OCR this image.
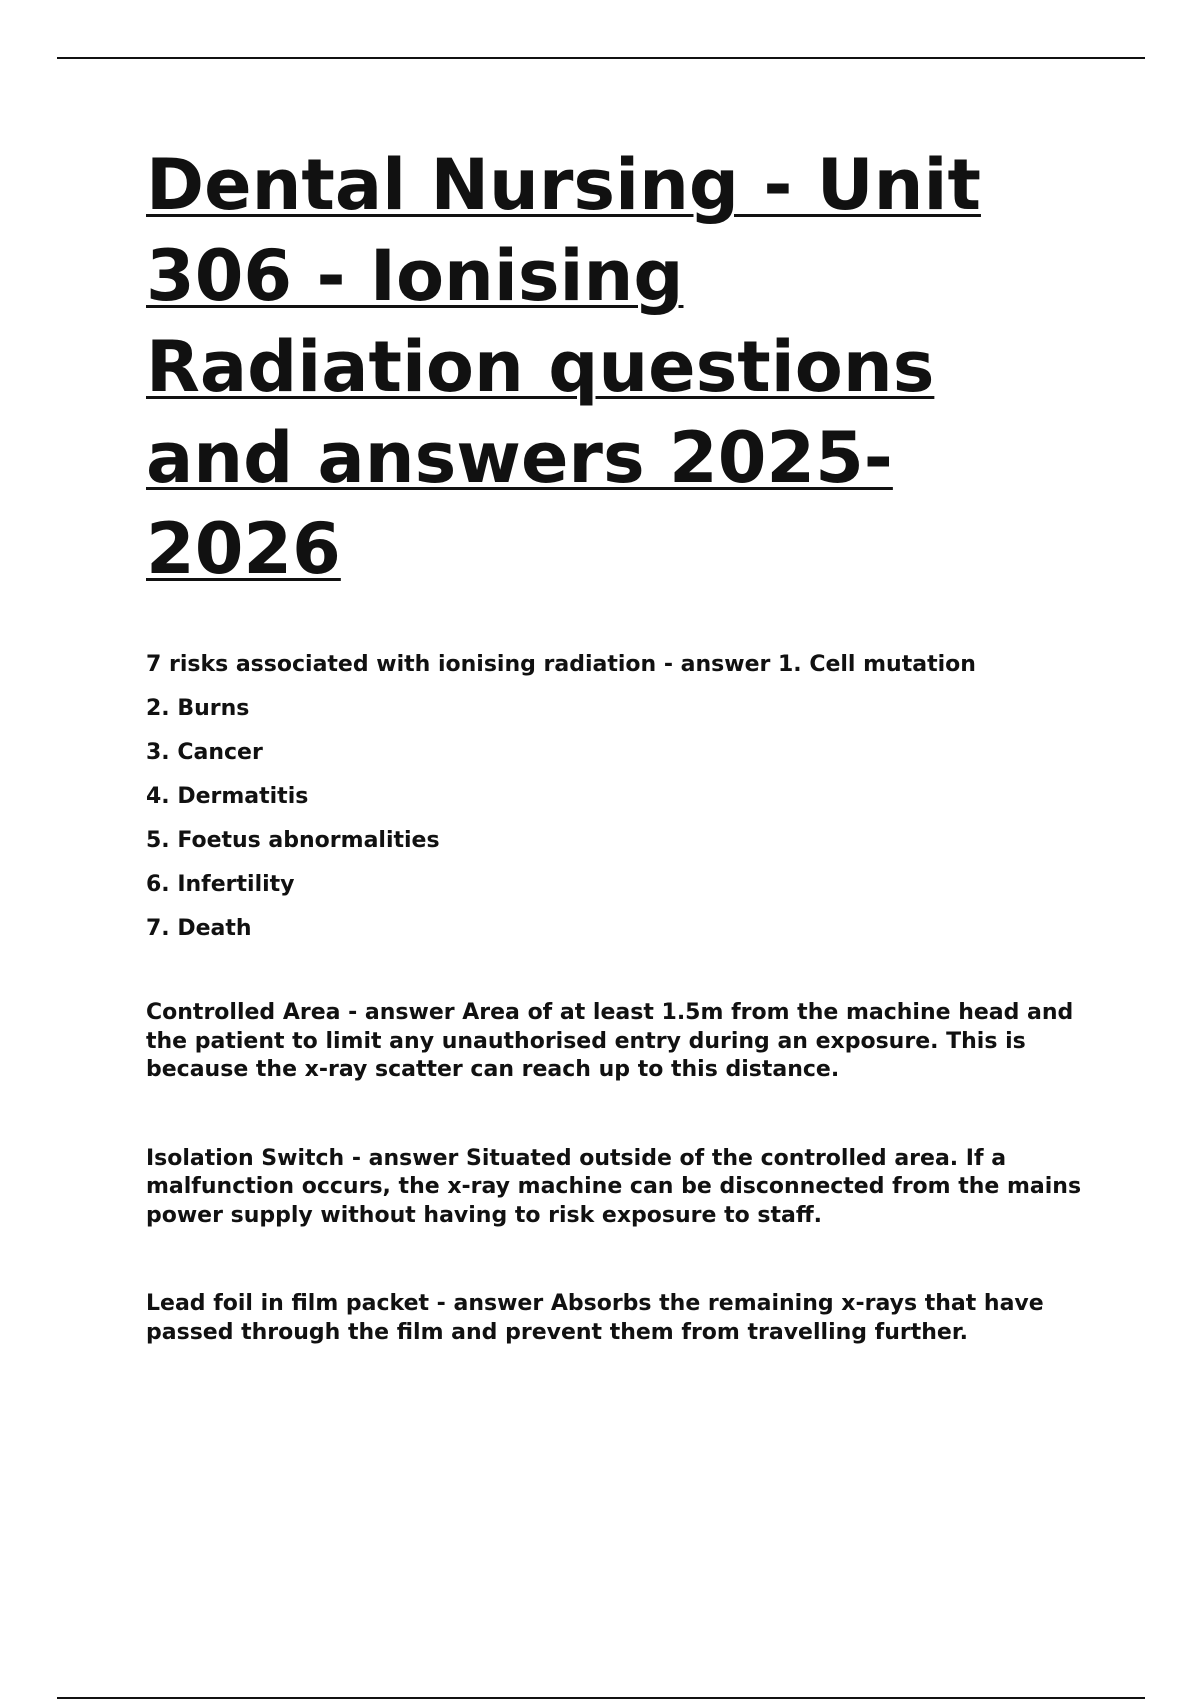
Dental Nursing - Unit 306 - Ionising Radiation questions and answers 2025-2026

7 risks associated with ionising radiation - answer 1. Cell mutation

2. Burns

3. Cancer

4. Dermatitis

5. Foetus abnormalities

6. Infertility

7. Death

Controlled Area - answer Area of at least 1.5m from the machine head and the patient to limit any unauthorised entry during an exposure. This is because the x-ray scatter can reach up to this distance.

Isolation Switch - answer Situated outside of the controlled area. If a malfunction occurs, the x-ray machine can be disconnected from the mains power supply without having to risk exposure to staff.

Lead foil in film packet - answer Absorbs the remaining x-rays that have passed through the film and prevent them from travelling further.
